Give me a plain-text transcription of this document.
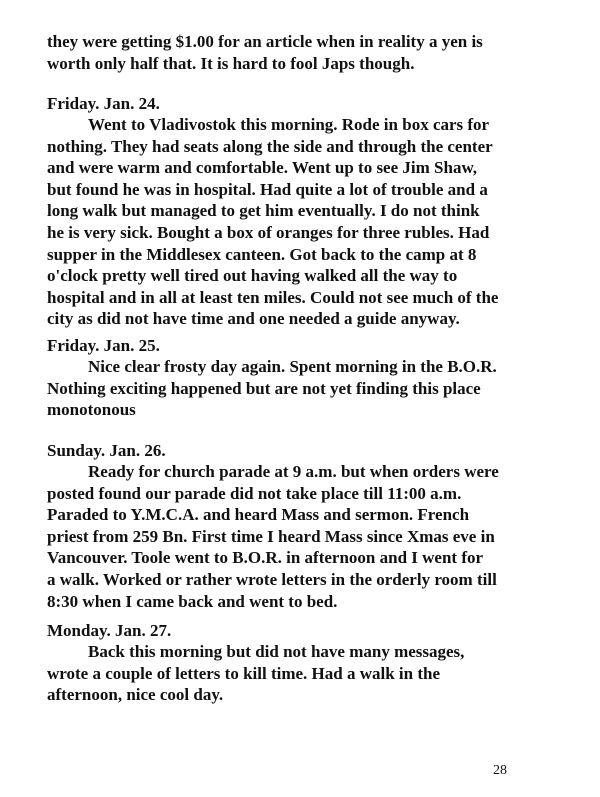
they were getting $1.00 for an article when in reality a yen is
worth only half that. It is hard to fool Japs though.
Friday. Jan. 24.
Went to Vladivostok this morning. Rode in box cars for
nothing. They had seats along the side and through the center
and were warm and comfortable. Went up to see Jim Shaw,
but found he was in hospital. Had quite a lot of trouble and a
long walk but managed to get him eventually. I do not think
he is very sick. Bought a box of oranges for three rubles. Had
supper in the Middlesex canteen. Got back to the camp at 8
o'clock pretty well tired out having walked all the way to
hospital and in all at least ten miles. Could not see much of the
city as did not have time and one needed a guide anyway.
Friday. Jan. 25.
Nice clear frosty day again. Spent morning in the B.O.R.
Nothing exciting happened but are not yet finding this place
monotonous
Sunday. Jan. 26.
Ready for church parade at 9 a.m. but when orders were
posted found our parade did not take place till 11:00 a.m.
Paraded to Y.M.C.A. and heard Mass and sermon. French
priest from 259 Bn. First time I heard Mass since Xmas eve in
Vancouver. Toole went to B.O.R. in afternoon and I went for
a walk. Worked or rather wrote letters in the orderly room till
8:30 when I came back and went to bed.
Monday. Jan. 27.
Back this morning but did not have many messages,
wrote a couple of letters to kill time. Had a walk in the
afternoon, nice cool day.
28
